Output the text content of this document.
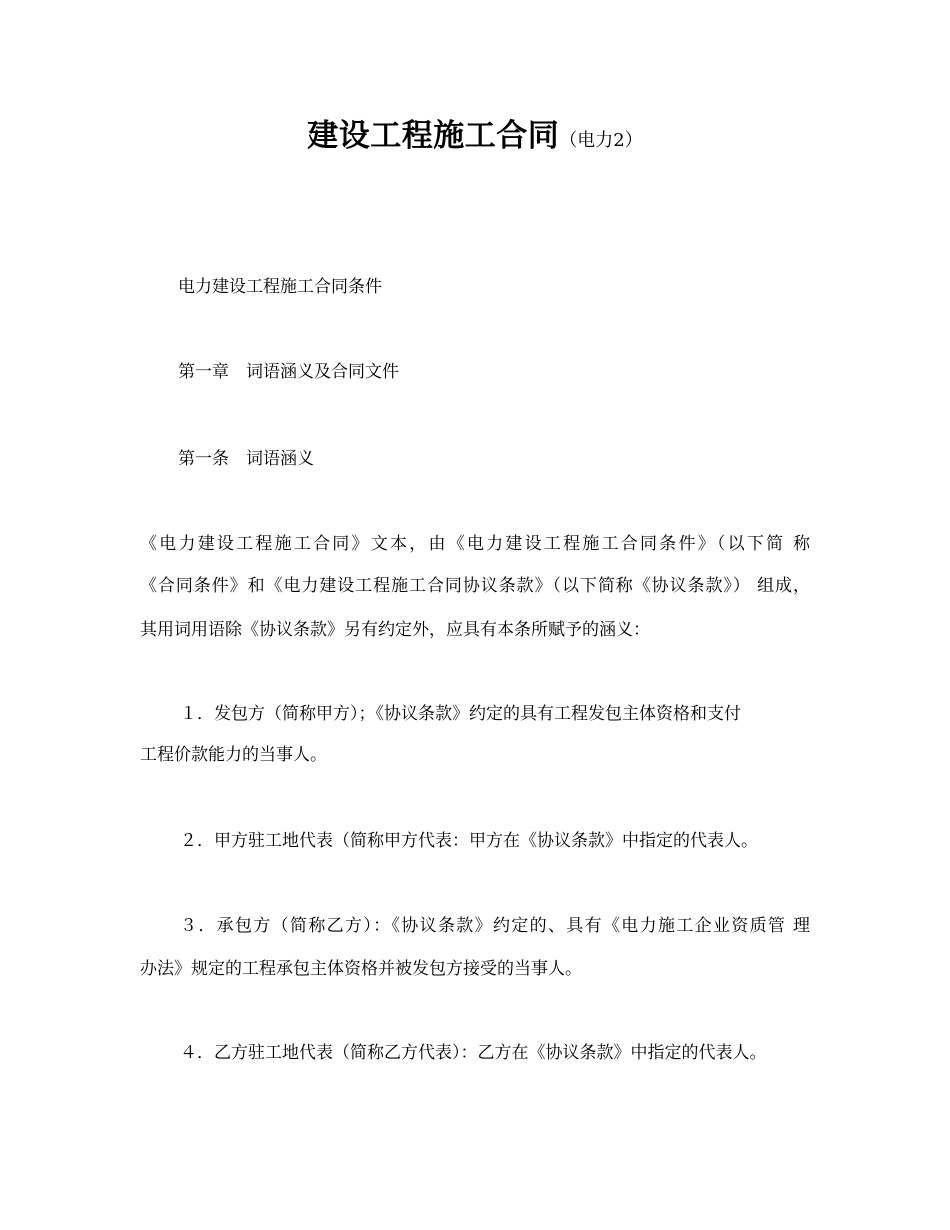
建设工程施工合同（电力2）
电力建设工程施工合同条件
第一章　词语涵义及合同文件
第一条　词语涵义
《电力建设工程施工合同》文本，由《电力建设工程施工合同条件》（以下简 称
《合同条件》和《电力建设工程施工合同协议条款》（以下简称《协议条款》） 组成，
其用词用语除《协议条款》另有约定外，应具有本条所赋予的涵义：
１．发包方（简称甲方）；《协议条款》约定的具有工程发包主体资格和支付
工程价款能力的当事人。
２．甲方驻工地代表（简称甲方代表：甲方在《协议条款》中指定的代表人。
３．承包方（简称乙方）：《协议条款》约定的、具有《电力施工企业资质管 理
办法》规定的工程承包主体资格并被发包方接受的当事人。
４．乙方驻工地代表（简称乙方代表）：乙方在《协议条款》中指定的代表人。
